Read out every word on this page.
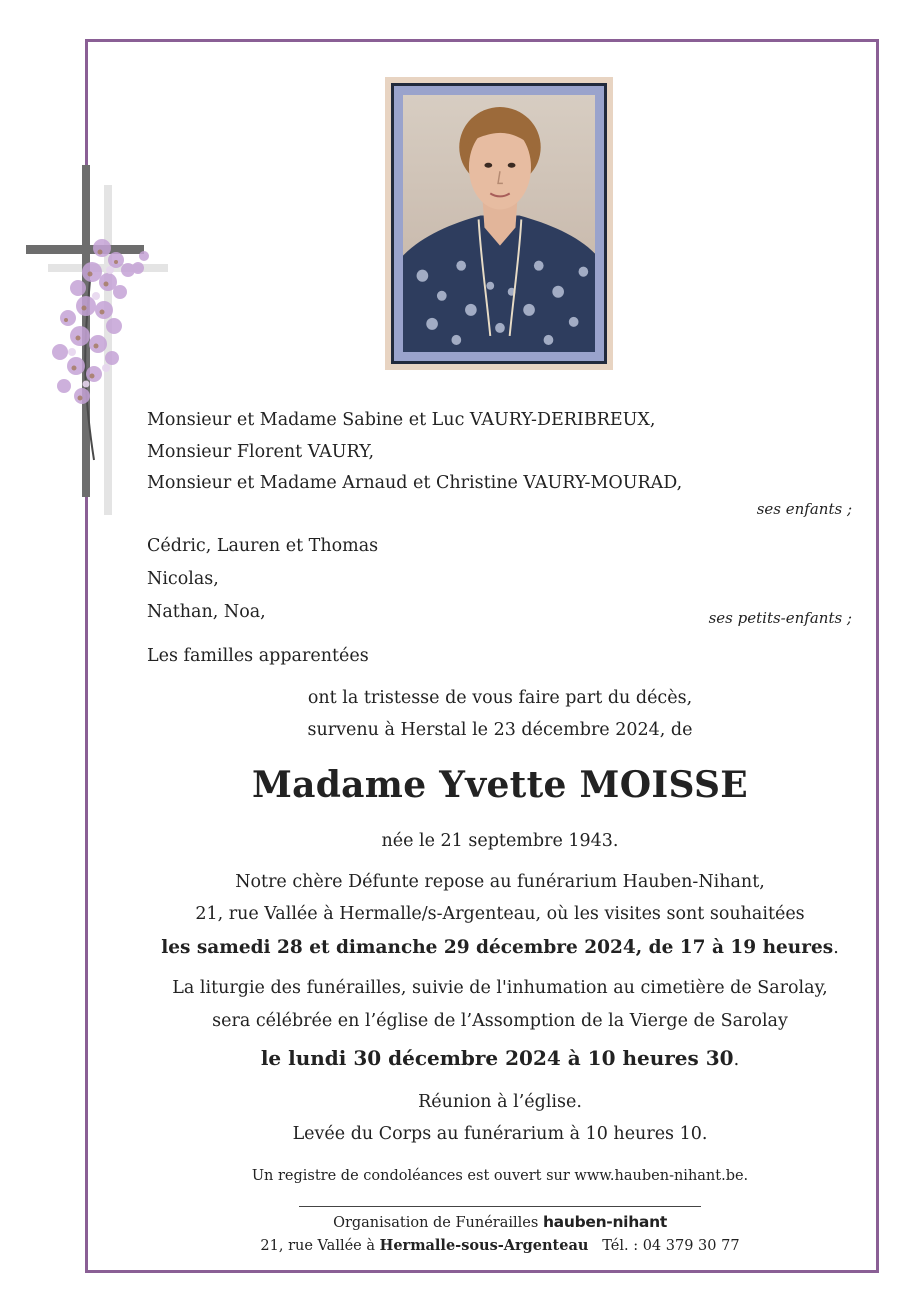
Monsieur et Madame Sabine et Luc VAURY-DERIBREUX,
Monsieur Florent VAURY,
Monsieur et Madame Arnaud et Christine VAURY-MOURAD,
ses enfants ;
Cédric, Lauren et Thomas
Nicolas,
Nathan, Noa,	ses petits-enfants ;
Les familles apparentées
ont la tristesse de vous faire part du décès,
survenu à Herstal le 23 décembre 2024, de
Madame Yvette MOISSE
née le 21 septembre 1943.
Notre chère Défunte repose au funérarium Hauben-Nihant,
21, rue Vallée à Hermalle/s-Argenteau, où les visites sont souhaitées
les samedi 28 et dimanche 29 décembre 2024, de 17 à 19 heures.
La liturgie des funérailles, suivie de l'inhumation au cimetière de Sarolay,
sera célébrée en l’église de l’Assomption de la Vierge de Sarolay
le lundi 30 décembre 2024 à 10 heures 30.
Réunion à l’église.
Levée du Corps au funérarium à 10 heures 10.
Un registre de condoléances est ouvert sur www.hauben-nihant.be.
Organisation de Funérailles hauben-nihant
21, rue Vallée à Hermalle-sous-Argenteau   Tél. : 04 379 30 77
